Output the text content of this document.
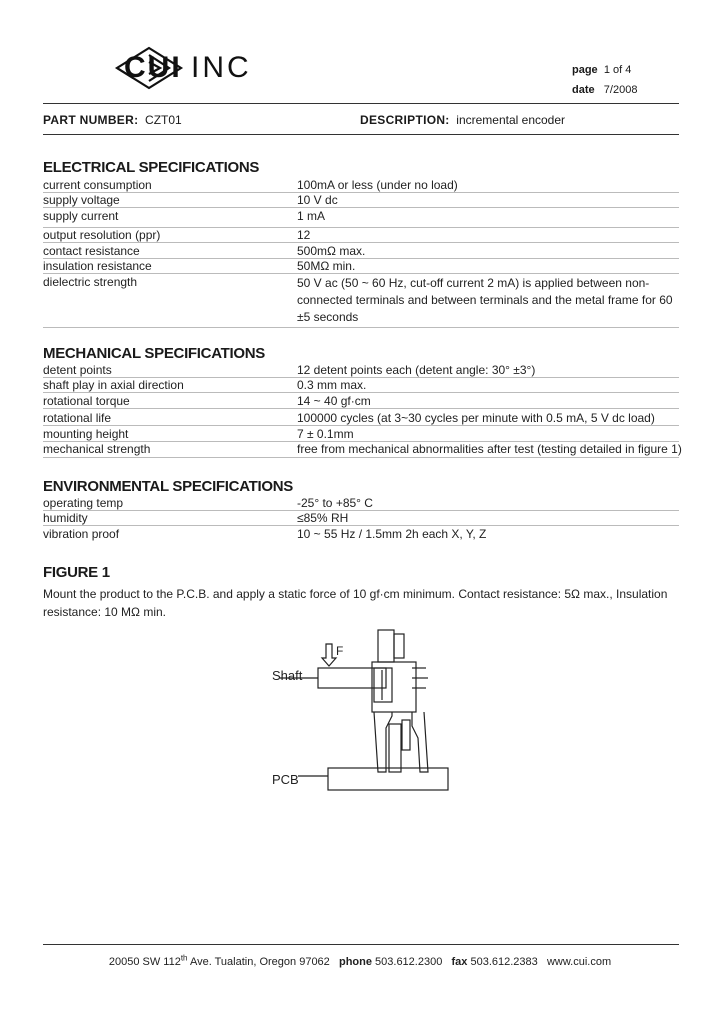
CUI INC	page 1 of 4
date 7/2008
PART NUMBER: CZT01	DESCRIPTION: incremental encoder
ELECTRICAL SPECIFICATIONS
current consumption	100mA or less (under no load)
supply voltage	10 V dc
supply current	1 mA
output resolution (ppr)	12
contact resistance	500mΩ max.
insulation resistance	50MΩ min.
dielectric strength	50 V ac (50 ~ 60 Hz, cut-off current 2 mA) is applied between non-connected terminals and between terminals and the metal frame for 60 ±5 seconds
MECHANICAL SPECIFICATIONS
detent points	12 detent points each (detent angle: 30° ±3°)
shaft play in axial direction	0.3 mm max.
rotational torque	14 ~ 40 gf·cm
rotational life	100000 cycles (at 3~30 cycles per minute with 0.5 mA, 5 V dc load)
mounting height	7 ± 0.1mm
mechanical strength	free from mechanical abnormalities after test (testing detailed in figure 1)
ENVIRONMENTAL SPECIFICATIONS
operating temp	-25° to +85° C
humidity	≤85% RH
vibration proof	10 ~ 55 Hz / 1.5mm 2h each X, Y, Z
FIGURE 1
Mount the product to the P.C.B. and apply a static force of 10 gf·cm minimum. Contact resistance: 5Ω max., Insulation resistance: 10 MΩ min.
F
Shaft
PCB
20050 SW 112th Ave. Tualatin, Oregon 97062 phone 503.612.2300 fax 503.612.2383 www.cui.com
